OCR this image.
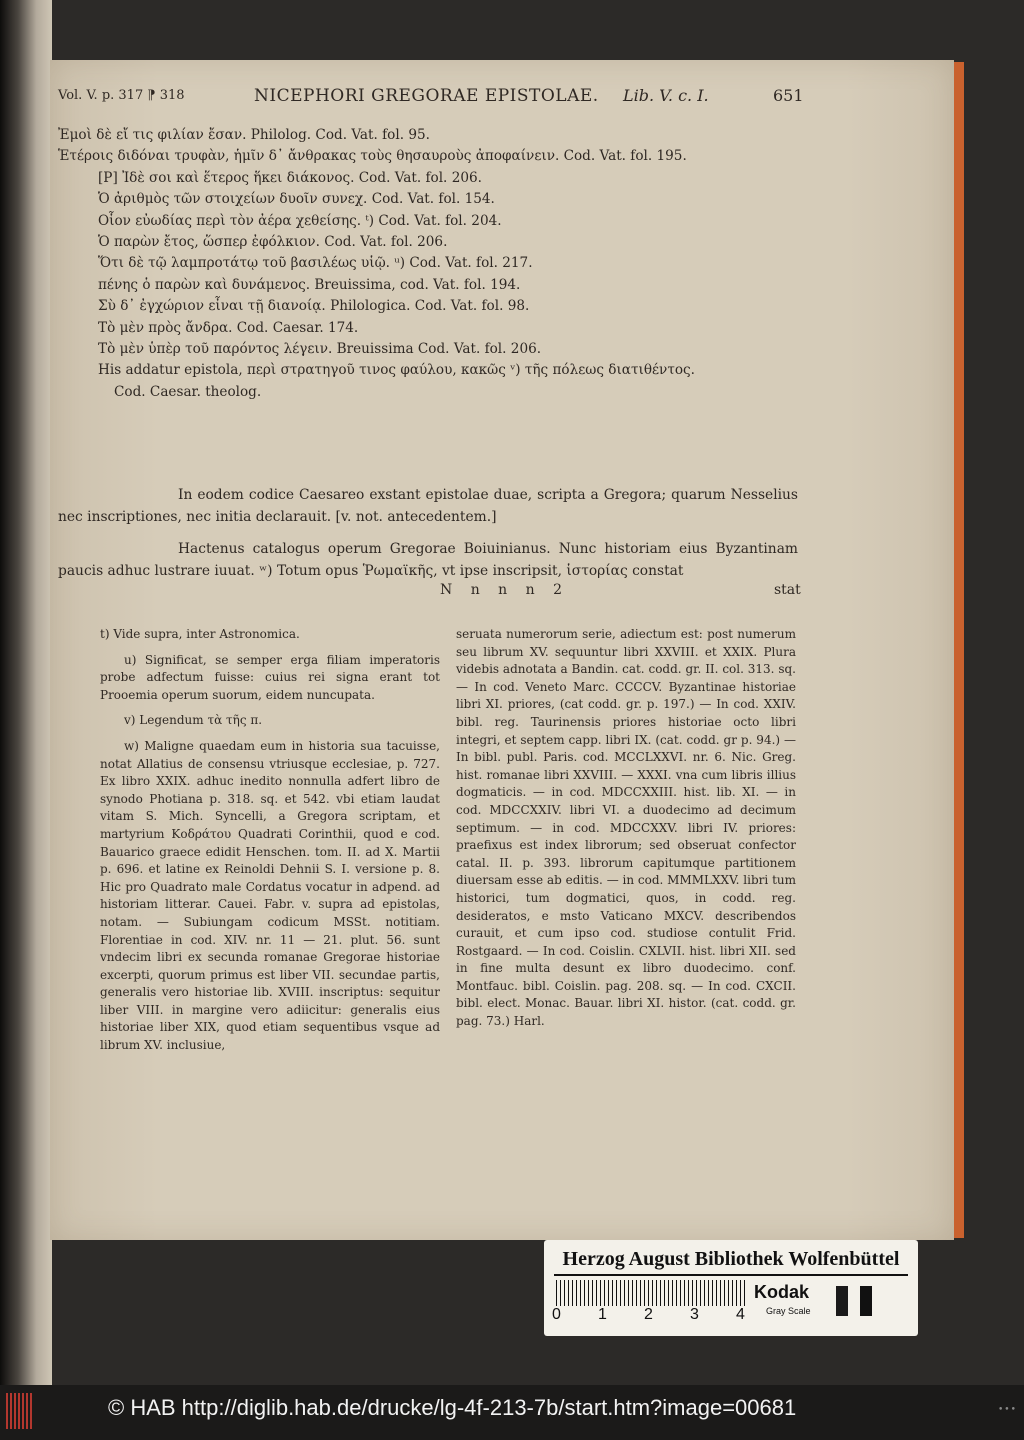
Vol. V. p. 317 ⁋ 318	NICEPHORI GREGORAE EPISTOLAE. Lib. V. c. I.	651
Ἐμοὶ δὲ εἴ τις φιλίαν ἔσαν. Philolog. Cod. Vat. fol. 95.
Ἑτέροις διδόναι τρυφὰν, ἡμῖν δ᾽ ἄνθρακας τοὺς θησαυροὺς ἀποφαίνειν. Cod. Vat. fol. 195.
[P] Ἰδὲ σοι καὶ ἕτερος ἥκει διάκονος. Cod. Vat. fol. 206.
Ὁ ἀριθμὸς τῶν στοιχείων δυοῖν συνεχ. Cod. Vat. fol. 154.
Οἷον εὐωδίας περὶ τὸν ἀέρα χεθείσης. ᵗ) Cod. Vat. fol. 204.
Ὁ παρὼν ἔτος, ὥσπερ ἐφόλκιον. Cod. Vat. fol. 206.
Ὅτι δὲ τῷ λαμπροτάτῳ τοῦ βασιλέως υἱῷ. ᵘ) Cod. Vat. fol. 217.
πένης ὁ παρὼν καὶ δυνάμενος. Breuissima, cod. Vat. fol. 194.
Σὺ δ᾽ ἐγχώριον εἶναι τῇ διανοίᾳ. Philologica. Cod. Vat. fol. 98.
Τὸ μὲν πρὸς ἄνδρα. Cod. Caesar. 174.
Τὸ μὲν ὑπὲρ τοῦ παρόντος λέγειν. Breuissima Cod. Vat. fol. 206.
His addatur epistola, περὶ στρατηγοῦ τινος φαύλου, κακῶς ᵛ) τῆς πόλεως διατιθέντος.
Cod. Caesar. theolog.
In eodem codice Caesareo exstant epistolae duae, scripta a Gregora; quarum Nesselius nec inscriptiones, nec initia declarauit. [v. not. antecedentem.]
Hactenus catalogus operum Gregorae Boiuinianus. Nunc historiam eius Byzantinam paucis adhuc lustrare iuuat. ʷ) Totum opus Ῥωμαϊκῆς, vt ipse inscripsit, ἱστορίας constat
N n n n 2	stat

t) Vide supra, inter Astronomica.

u) Significat, se semper erga filiam imperatoris probe adfectum fuisse: cuius rei signa erant tot Prooemia operum suorum, eidem nuncupata.

v) Legendum τὰ τῆς π.

w) Maligne quaedam eum in historia sua tacuisse, notat Allatius de consensu vtriusque ecclesiae, p. 727. Ex libro XXIX. adhuc inedito nonnulla adfert libro de synodo Photiana p. 318. sq. et 542. vbi etiam laudat vitam S. Mich. Syncelli, a Gregora scriptam, et martyrium Κοδράτου Quadrati Corinthii, quod e cod. Bauarico graece edidit Henschen. tom. II. ad X. Martii p. 696. et latine ex Reinoldi Dehnii S. I. versione p. 8. Hic pro Quadrato male Cordatus vocatur in adpend. ad historiam litterar. Cauei. Fabr. v. supra ad epistolas, notam. — Subiungam codicum MSSt. notitiam. Florentiae in cod. XIV. nr. 11 — 21. plut. 56. sunt vndecim libri ex secunda romanae Gregorae historiae excerpti, quorum primus est liber VII. secundae partis, generalis vero historiae lib. XVIII. inscriptus: sequitur liber VIII. in margine vero adiicitur: generalis eius historiae liber XIX, quod etiam sequentibus vsque ad librum XV. inclusiue,

seruata numerorum serie, adiectum est: post numerum seu librum XV. sequuntur libri XXVIII. et XXIX. Plura videbis adnotata a Bandin. cat. codd. gr. II. col. 313. sq. — In cod. Veneto Marc. CCCCV. Byzantinae historiae libri XI. priores, (cat codd. gr. p. 197.) — In cod. XXIV. bibl. reg. Taurinensis priores historiae octo libri integri, et septem capp. libri IX. (cat. codd. gr p. 94.) — In bibl. publ. Paris. cod. MCCLXXVI. nr. 6. Nic. Greg. hist. romanae libri XXVIII. — XXXI. vna cum libris illius dogmaticis. — in cod. MDCCXXIII. hist. lib. XI. — in cod. MDCCXXIV. libri VI. a duodecimo ad decimum septimum. — in cod. MDCCXXV. libri IV. priores: praefixus est index librorum; sed obseruat confector catal. II. p. 393. librorum capitumque partitionem diuersam esse ab editis. — in cod. MMMLXXV. libri tum historici, tum dogmatici, quos, in codd. reg. desideratos, e msto Vaticano MXCV. describendos curauit, et cum ipso cod. studiose contulit Frid. Rostgaard. — In cod. Coislin. CXLVII. hist. libri XII. sed in fine multa desunt ex libro duodecimo. conf. Montfauc. bibl. Coislin. pag. 208. sq. — In cod. CXCII. bibl. elect. Monac. Bauar. libri XI. histor. (cat. codd. gr. pag. 73.) Harl.

Herzog August Bibliothek Wolfenbüttel
0 1 2 3 4
Kodak
Gray Scale
© HAB http://diglib.hab.de/drucke/lg-4f-213-7b/start.htm?image=00681	•••
